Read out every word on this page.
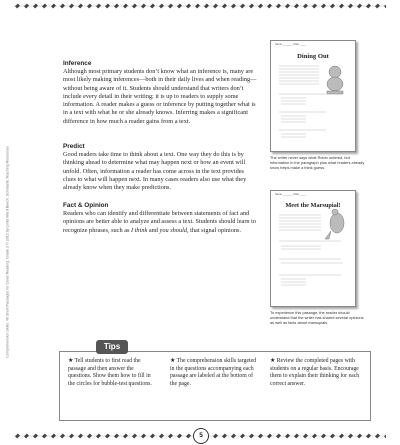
Comprehension Skills: 40 Short Passages for Close Reading: Grade 3 © 2013 by Linda Ward Beech, Scholastic Teaching Resources
Inference

Although most primary students don’t know what an inference is, many are most likely making inferences—both in their daily lives and when reading—without being aware of it. Students should understand that writers don’t include every detail in their writing; it is up to readers to supply some information. A reader makes a guess or inference by putting together what is in a text with what he or she already knows. Inferring makes a significant difference in how much a reader gains from a text.

Predict

Good readers take time to think about a text. One way they do this is by thinking ahead to determine what may happen next or how an event will unfold. Often, information a reader has come across in the text provides clues to what will happen next. In many cases readers also use what they already know when they make predictions.

Fact & Opinion

Readers who can identify and differentiate between statements of fact and opinions are better able to analyze and assess a text. Students should learn to recognize phrases, such as I think and you should, that signal opinions.

Name _______ Date ____
Dining Out
The writer never says what Robin ordered, but information in the paragraph plus what readers already know helps make a think guess.
Name _______ Date ____
Meet the Marsupial!
To experience this passage, the reader should understand that the writer has shared several opinions as well as facts about marsupials.
Tips
★ Tell students to first read the passage and then answer the questions. Show them how to fill in the circles for bubble-test questions.
★ The comprehension skills targeted in the questions accompanying each passage are labeled at the bottom of the page.
★ Review the completed pages with students on a regular basis. Encourage them to explain their thinking for each correct answer.
5
